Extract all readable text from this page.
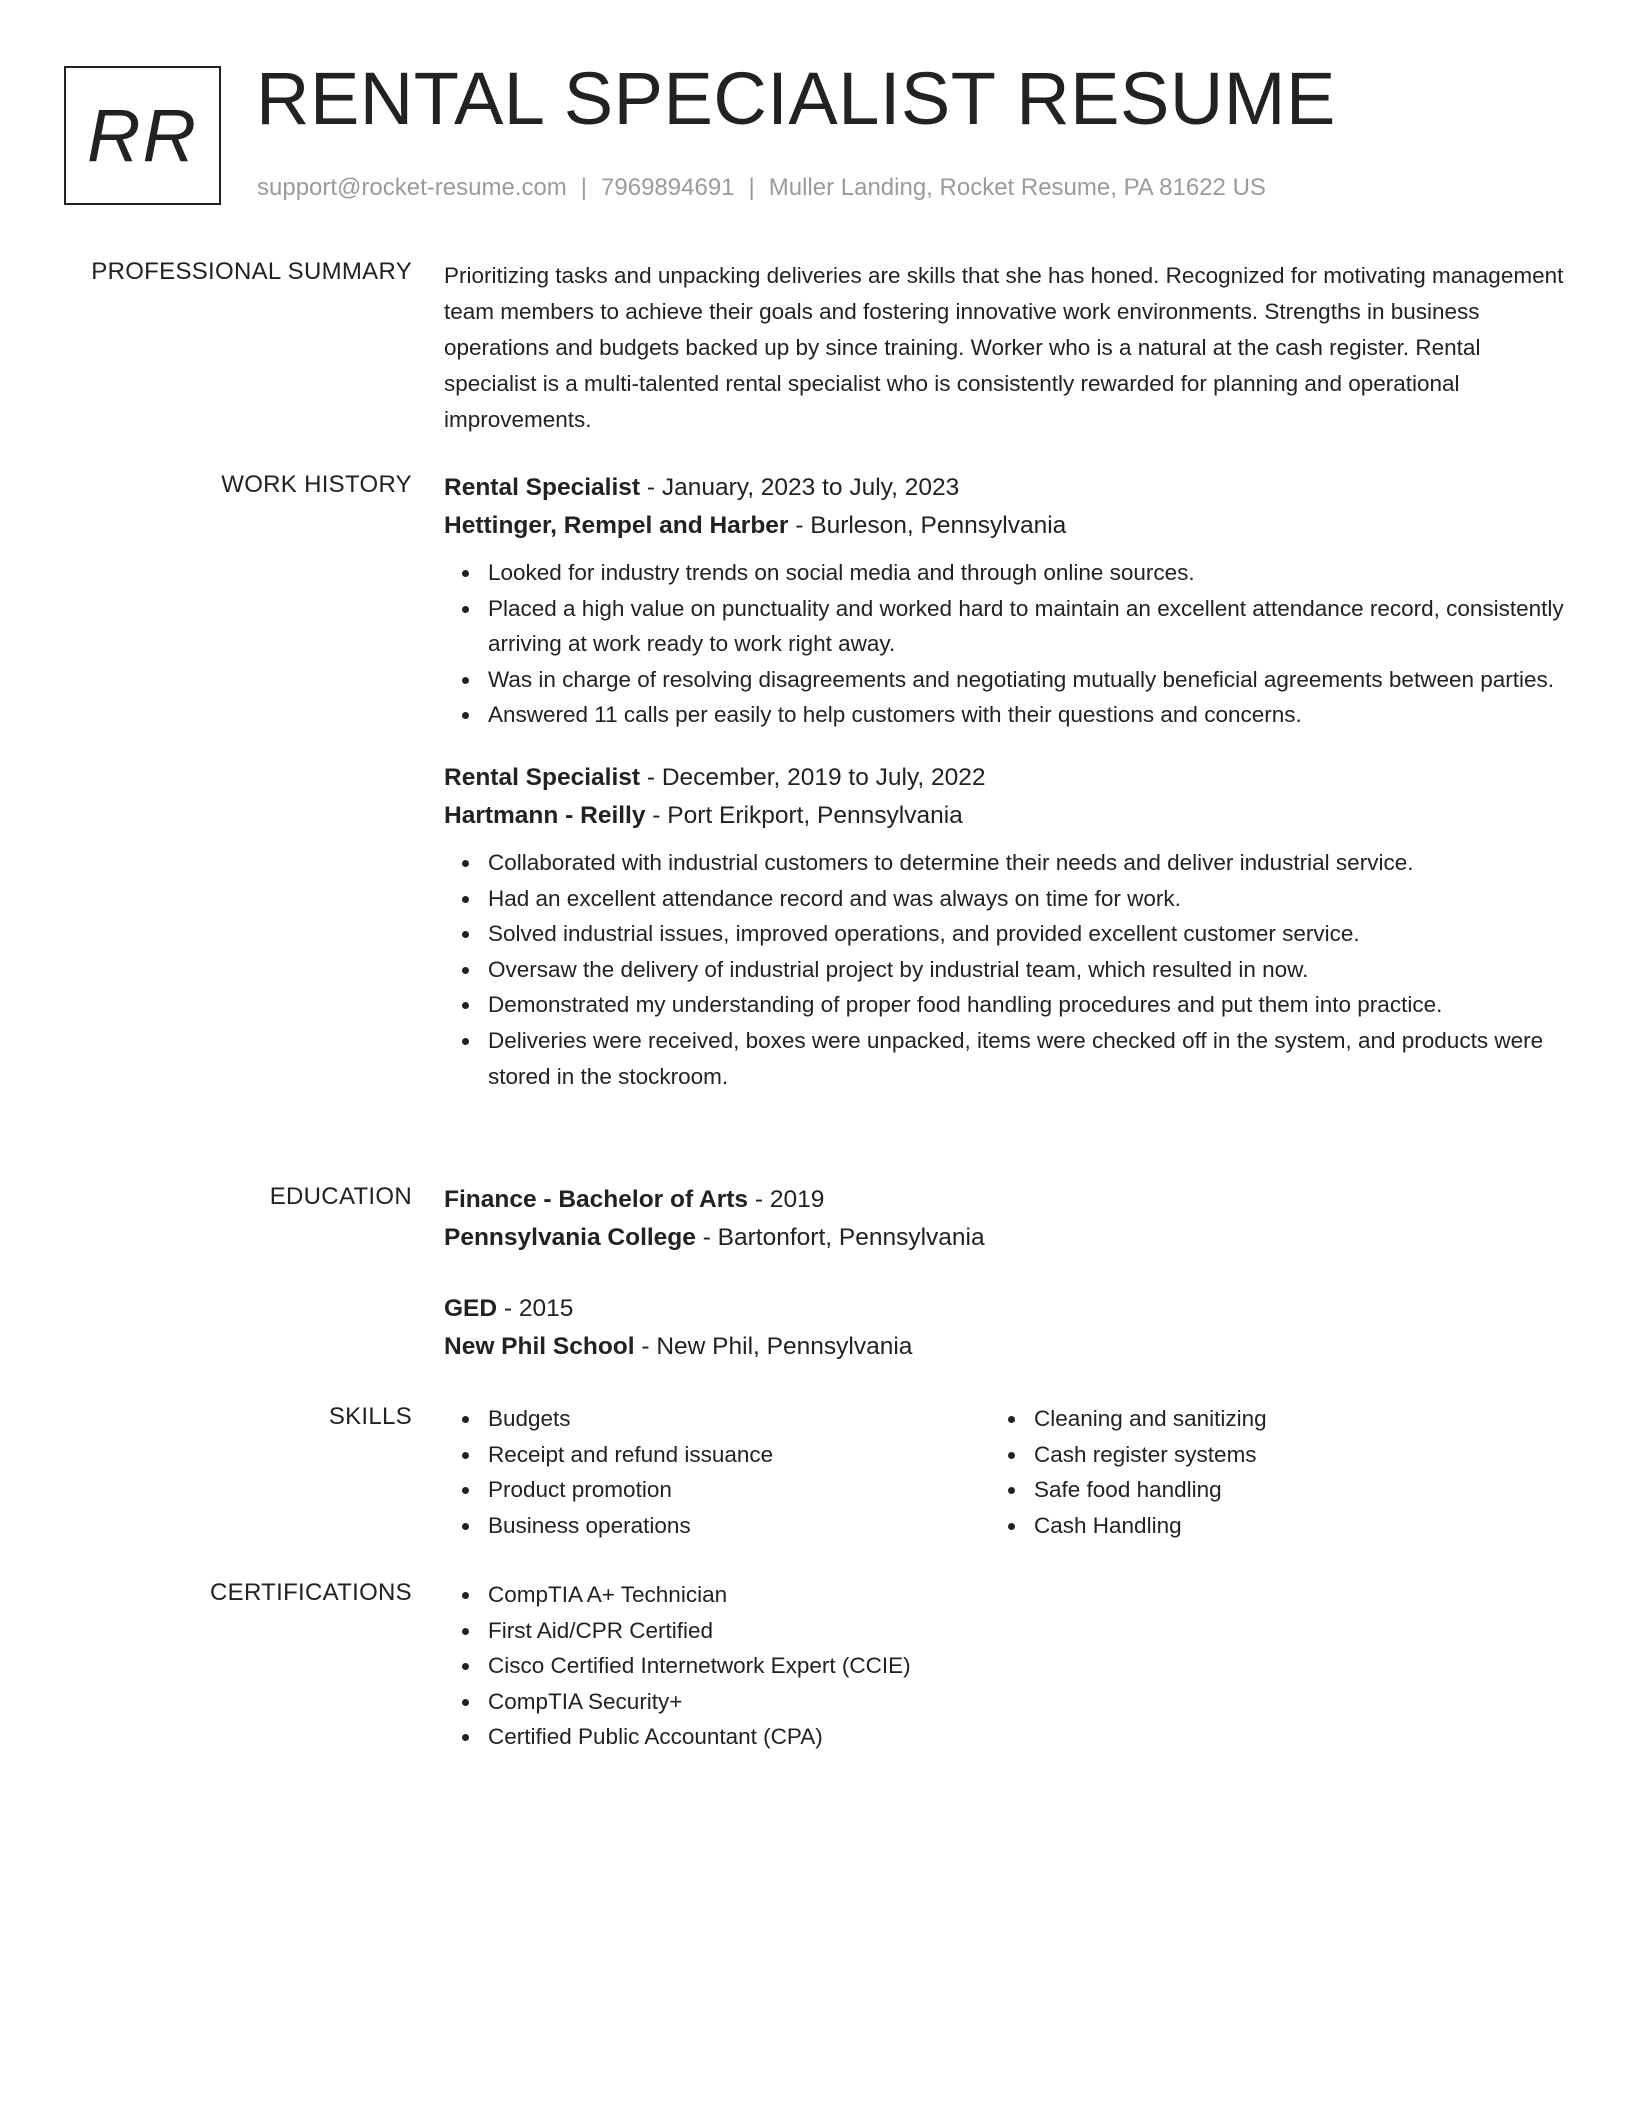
RR RENTAL SPECIALIST RESUME
support@rocket-resume.com | 7969894691 | Muller Landing, Rocket Resume, PA 81622 US
PROFESSIONAL SUMMARY Prioritizing tasks and unpacking deliveries are skills that she has honed. Recognized for motivating management team members to achieve their goals and fostering innovative work environments. Strengths in business operations and budgets backed up by since training. Worker who is a natural at the cash register. Rental specialist is a multi-talented rental specialist who is consistently rewarded for planning and operational improvements.

WORK HISTORY Rental Specialist - January, 2023 to July, 2023
Hettinger, Rempel and Harber - Burleson, Pennsylvania
Looked for industry trends on social media and through online sources.
Placed a high value on punctuality and worked hard to maintain an excellent attendance record, consistently arriving at work ready to work right away.
Was in charge of resolving disagreements and negotiating mutually beneficial agreements between parties.
Answered 11 calls per easily to help customers with their questions and concerns.
Rental Specialist - December, 2019 to July, 2022
Hartmann - Reilly - Port Erikport, Pennsylvania
Collaborated with industrial customers to determine their needs and deliver industrial service.
Had an excellent attendance record and was always on time for work.
Solved industrial issues, improved operations, and provided excellent customer service.
Oversaw the delivery of industrial project by industrial team, which resulted in now.
Demonstrated my understanding of proper food handling procedures and put them into practice.
Deliveries were received, boxes were unpacked, items were checked off in the system, and products were stored in the stockroom.
EDUCATION Finance - Bachelor of Arts - 2019
Pennsylvania College - Bartonfort, Pennsylvania
GED - 2015
New Phil School - New Phil, Pennsylvania
SKILLS	Budgets
Receipt and refund issuance
Product promotion
Business operations
Cleaning and sanitizing
Cash register systems
Safe food handling
Cash Handling
CERTIFICATIONS	CompTIA A+ Technician
First Aid/CPR Certified
Cisco Certified Internetwork Expert (CCIE)
CompTIA Security+
Certified Public Accountant (CPA)
